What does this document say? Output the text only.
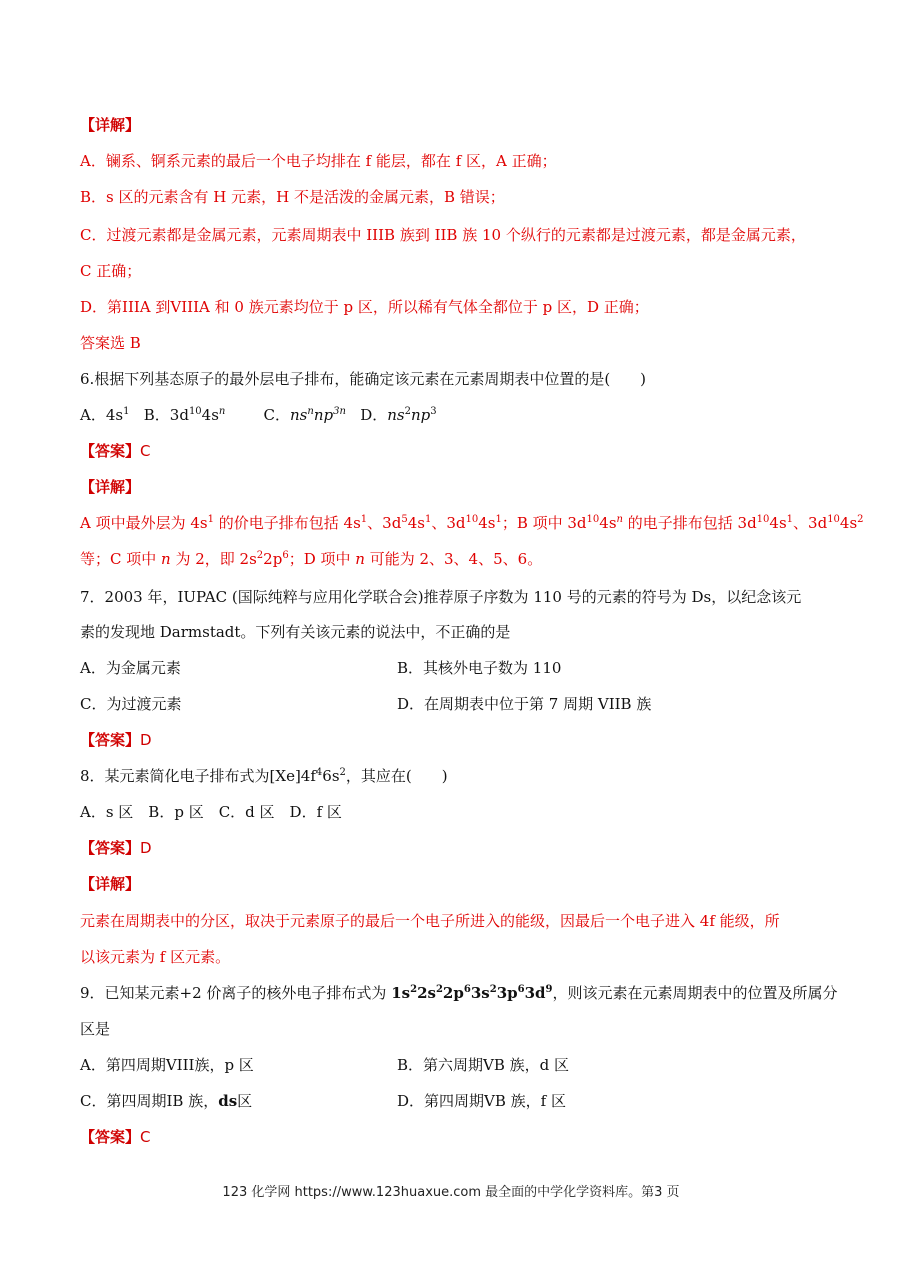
【详解】
A．镧系、锕系元素的最后一个电子均排在 f 能层，都在 f 区，A 正确；
B．s 区的元素含有 H 元素，H 不是活泼的金属元素，B 错误；
C．过渡元素都是金属元素，元素周期表中 IIIB 族到 IIB 族 10 个纵行的元素都是过渡元素，都是金属元素，
C 正确；
D．第IIIA 到VIIIA 和 0 族元素均位于 p 区，所以稀有气体全都位于 p 区，D 正确；
答案选 B
6.根据下列基态原子的最外层电子排布，能确定该元素在元素周期表中位置的是(　　)
A．$4s^1$ B．$3d^{10}4s^n$	C．$ns^nnp^{3n}$ D．$ns^2np^3$
【答案】C
【详解】
A 项中最外层为 $4s^1$ 的价电子排布包括 $4s^1$、$3d^54s^1$、$3d^{10}4s^1$；B 项中 $3d^{10}4s^n$ 的电子排布包括 $3d^{10}4s^1$、$3d^{10}4s^2$
等；C 项中 n 为 2，即 $2s^22p^6$；D 项中 n 可能为 2、3、4、5、6。
7．2003 年，IUPAC (国际纯粹与应用化学联合会)推荐原子序数为 110 号的元素的符号为 Ds，以纪念该元
素的发现地 Darmstadt。下列有关该元素的说法中，不正确的是
A．为金属元素	B．其核外电子数为 110
C．为过渡元素	D．在周期表中位于第 7 周期 VIIB 族
【答案】D
8．某元素简化电子排布式为$[Xe]4f^46s^2$，其应在(　　)
A．s 区　B．p 区　C．d 区　D．f 区
【答案】D
【详解】
元素在周期表中的分区，取决于元素原子的最后一个电子所进入的能级，因最后一个电子进入 4f 能级，所
以该元素为 f 区元素。
9．已知某元素+2 价离子的核外电子排布式为 $1s^22s^22p^63s^23p^63d^9$，则该元素在元素周期表中的位置及所属分
区是
A．第四周期VIII族，p 区	B．第六周期VB 族，d 区
C．第四周期IB 族，ds区	D．第四周期VB 族，f 区
【答案】C
123 化学网 https://www.123huaxue.com 最全面的中学化学资料库。第3 页
